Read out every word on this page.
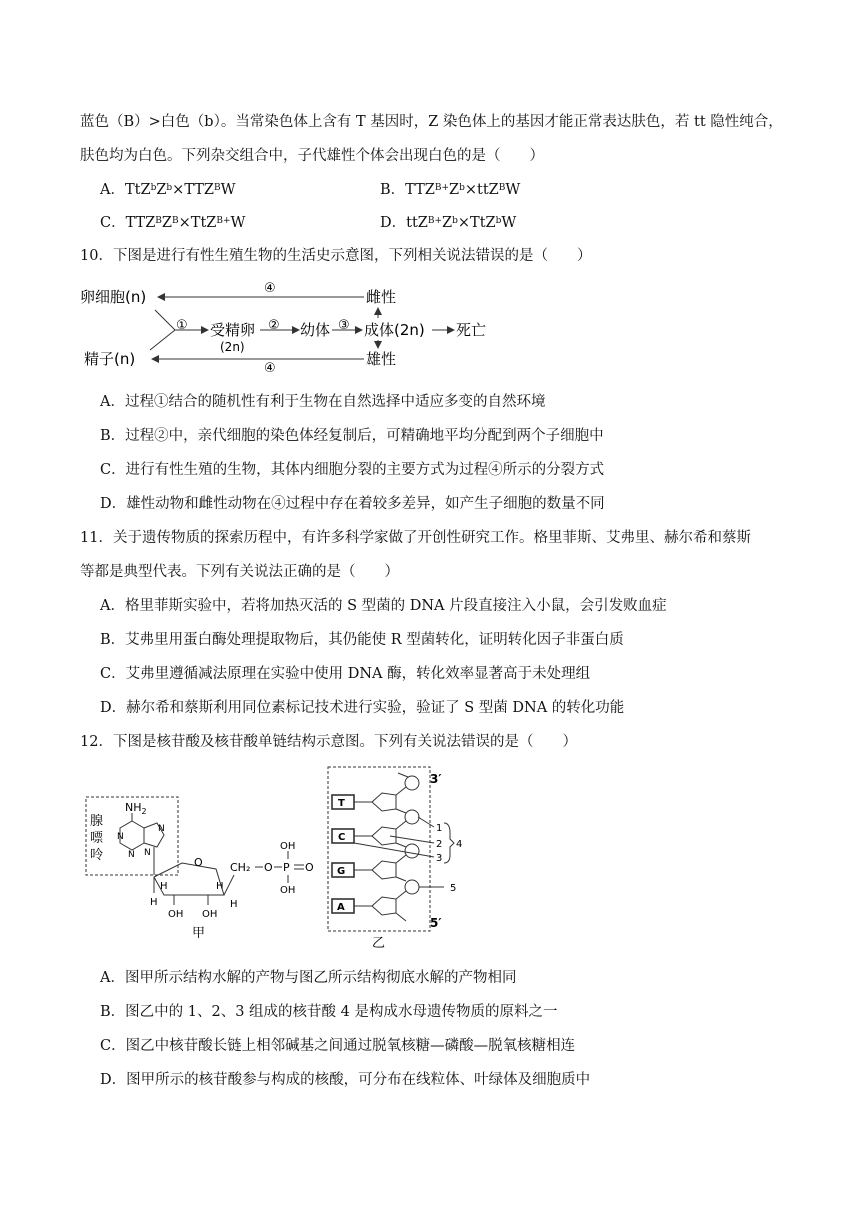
蓝色（B）>白色（b）。当常染色体上含有 T 基因时，Z 染色体上的基因才能正常表达肤色，若 tt 隐性纯合，
肤色均为白色。下列杂交组合中，子代雄性个体会出现白色的是（　　）
A．$TtZ^bZ^b\times TTZ^BW$	B．$TTZ^{B+}Z^b\times ttZ^BW$
C．$TTZ^BZ^B\times TtZ^{B+}W$	D．$ttZ^{B+}Z^b\times TtZ^bW$
10．下图是进行有性生殖生物的生活史示意图，下列相关说法错误的是（　　）
卵细胞(n)
精子(n)
雌性
雄性
④
④
① 受精卵
(2n)
② 幼体 ③ 成体(2n) 死亡
A．过程①结合的随机性有利于生物在自然选择中适应多变的自然环境
B．过程②中，亲代细胞的染色体经复制后，可精确地平均分配到两个子细胞中
C．进行有性生殖的生物，其体内细胞分裂的主要方式为过程④所示的分裂方式
D．雄性动物和雌性动物在④过程中存在着较多差异，如产生子细胞的数量不同
11．关于遗传物质的探索历程中，有许多科学家做了开创性研究工作。格里菲斯、艾弗里、赫尔希和蔡斯
等都是典型代表。下列有关说法正确的是（　　）
A．格里菲斯实验中，若将加热灭活的 S 型菌的 DNA 片段直接注入小鼠，会引发败血症
B．艾弗里用蛋白酶处理提取物后，其仍能使 R 型菌转化，证明转化因子非蛋白质
C．艾弗里遵循减法原理在实验中使用 DNA 酶，转化效率显著高于未处理组
D．赫尔希和蔡斯利用同位素标记技术进行实验，验证了 S 型菌 DNA 的转化功能
12．下图是核苷酸及核苷酸单链结构示意图。下列有关说法错误的是（　　）
腺
嘌
呤
$NH_2$
N
N N
N
O
H
OH
H
OH
H
H
CH₂ O P
OH
OH
O
甲
T
C
G
A
3′
5′
1
2
3
4
5
乙
A．图甲所示结构水解的产物与图乙所示结构彻底水解的产物相同
B．图乙中的 1、2、3 组成的核苷酸 4 是构成水母遗传物质的原料之一
C．图乙中核苷酸长链上相邻碱基之间通过脱氧核糖—磷酸—脱氧核糖相连
D．图甲所示的核苷酸参与构成的核酸，可分布在线粒体、叶绿体及细胞质中
